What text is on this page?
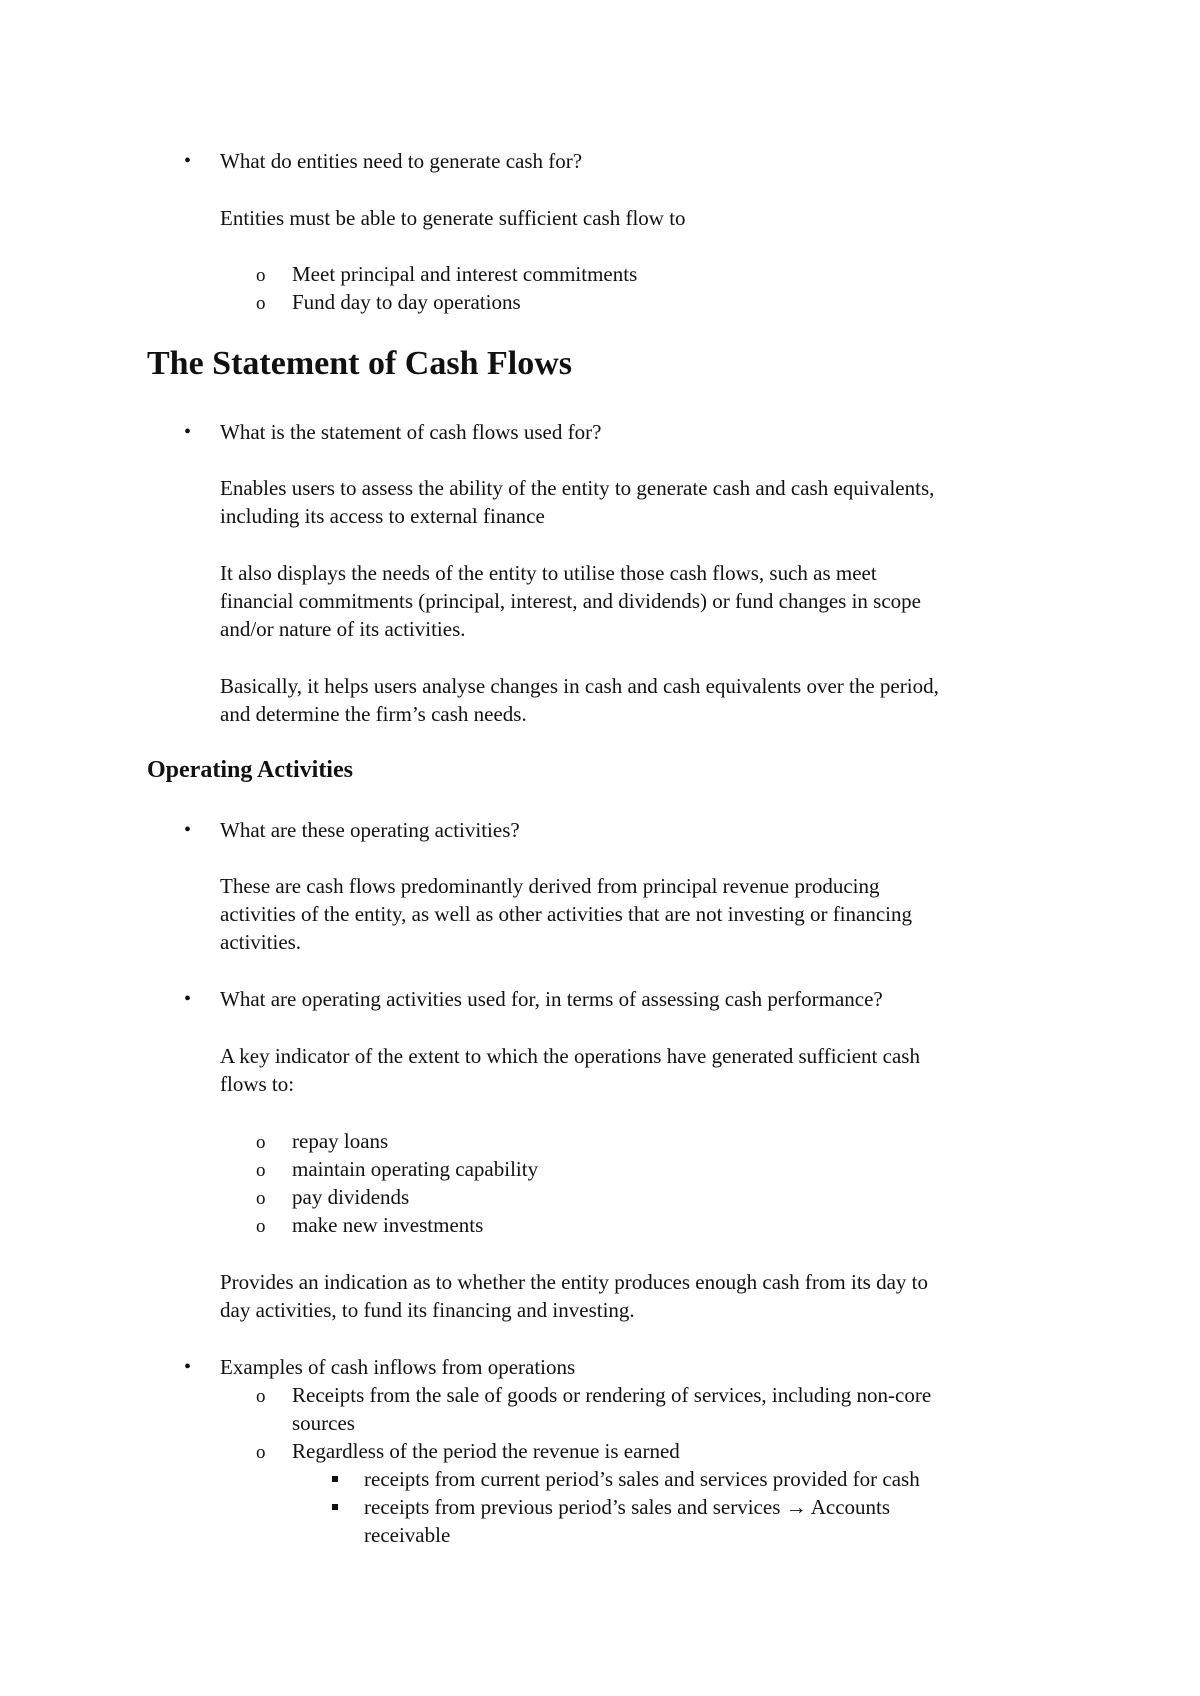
• What do entities need to generate cash for?
Entities must be able to generate sufficient cash flow to
o Meet principal and interest commitments
o Fund day to day operations
The Statement of Cash Flows
• What is the statement of cash flows used for?
Enables users to assess the ability of the entity to generate cash and cash equivalents,
including its access to external finance
It also displays the needs of the entity to utilise those cash flows, such as meet
financial commitments (principal, interest, and dividends) or fund changes in scope
and/or nature of its activities.
Basically, it helps users analyse changes in cash and cash equivalents over the period,
and determine the firm’s cash needs.
Operating Activities
• What are these operating activities?
These are cash flows predominantly derived from principal revenue producing
activities of the entity, as well as other activities that are not investing or financing
activities.
• What are operating activities used for, in terms of assessing cash performance?
A key indicator of the extent to which the operations have generated sufficient cash
flows to:
o repay loans
o maintain operating capability
o pay dividends
o make new investments
Provides an indication as to whether the entity produces enough cash from its day to
day activities, to fund its financing and investing.
• Examples of cash inflows from operations
o Receipts from the sale of goods or rendering of services, including non-core
sources
o Regardless of the period the revenue is earned
receipts from current period’s sales and services provided for cash
receipts from previous period’s sales and services → Accounts
receivable
